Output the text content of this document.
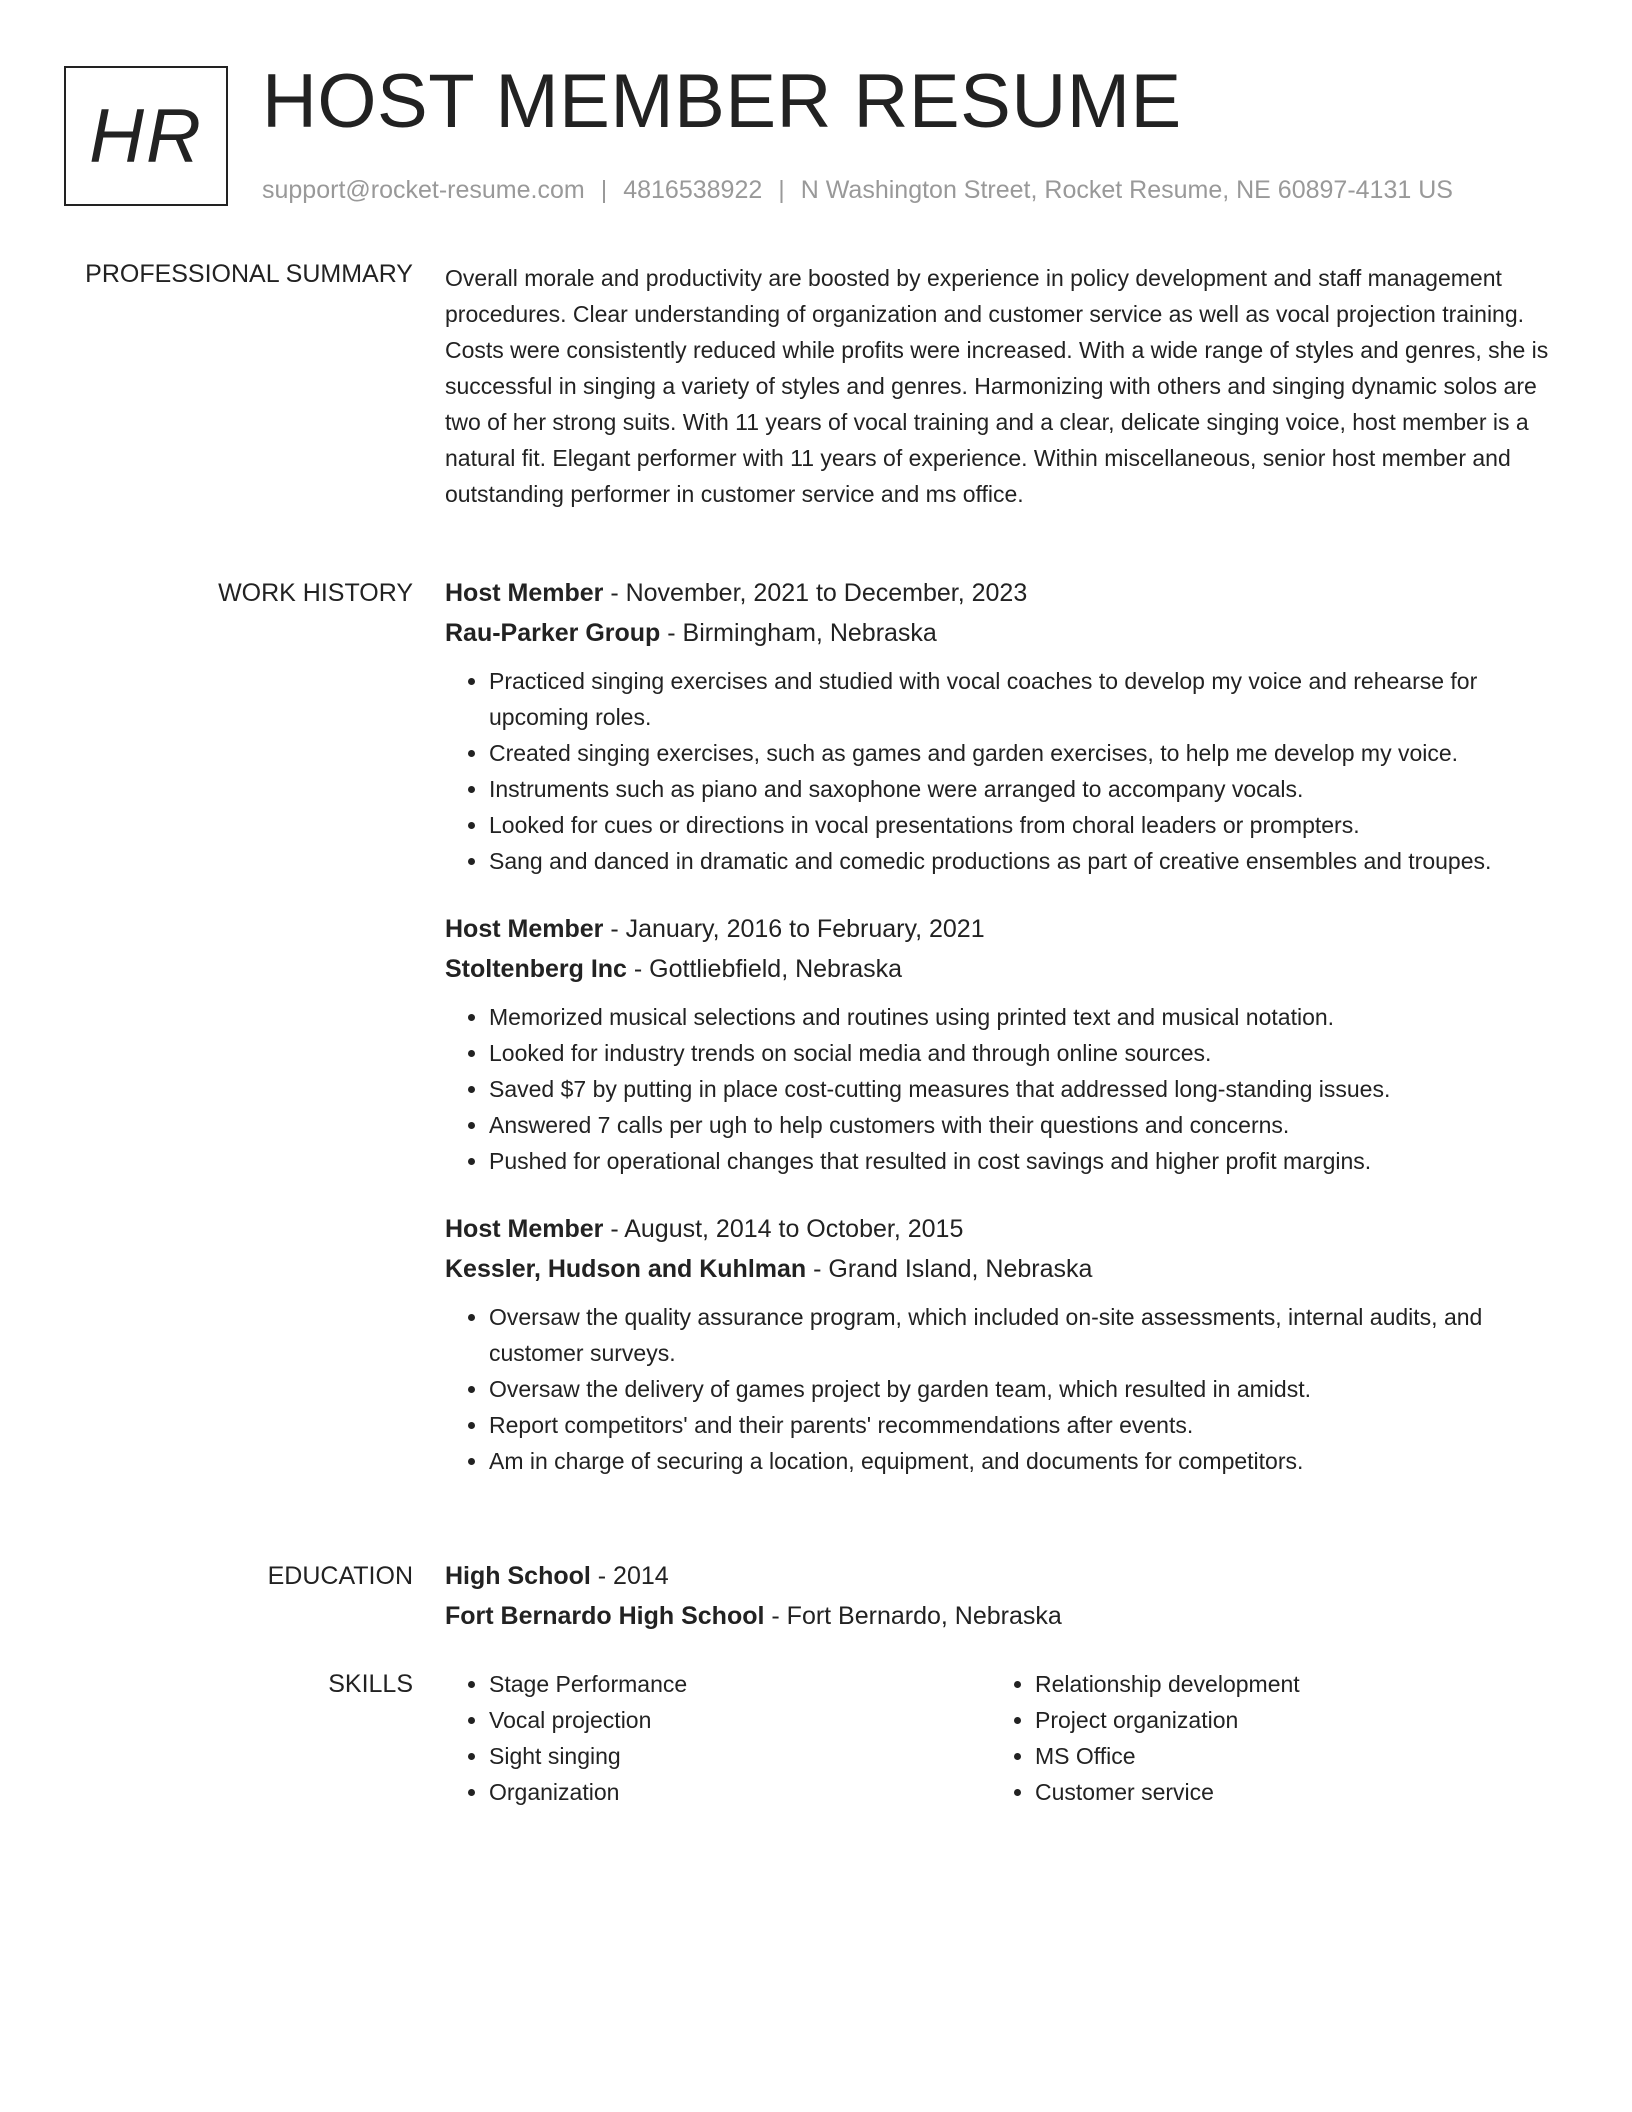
HR HOST MEMBER RESUME
support@rocket-resume.com | 4816538922 | N Washington Street, Rocket Resume, NE 60897-4131 US
PROFESSIONAL SUMMARY Overall morale and productivity are boosted by experience in policy development and staff management procedures. Clear understanding of organization and customer service as well as vocal projection training. Costs were consistently reduced while profits were increased. With a wide range of styles and genres, she is successful in singing a variety of styles and genres. Harmonizing with others and singing dynamic solos are two of her strong suits. With 11 years of vocal training and a clear, delicate singing voice, host member is a natural fit. Elegant performer with 11 years of experience. Within miscellaneous, senior host member and outstanding performer in customer service and ms office.

WORK HISTORY Host Member - November, 2021 to December, 2023
Rau-Parker Group - Birmingham, Nebraska
• Practiced singing exercises and studied with vocal coaches to develop my voice and rehearse for upcoming roles.
• Created singing exercises, such as games and garden exercises, to help me develop my voice.
• Instruments such as piano and saxophone were arranged to accompany vocals.
• Looked for cues or directions in vocal presentations from choral leaders or prompters.
• Sang and danced in dramatic and comedic productions as part of creative ensembles and troupes.
Host Member - January, 2016 to February, 2021
Stoltenberg Inc - Gottliebfield, Nebraska
• Memorized musical selections and routines using printed text and musical notation.
• Looked for industry trends on social media and through online sources.
• Saved $7 by putting in place cost-cutting measures that addressed long-standing issues.
• Answered 7 calls per ugh to help customers with their questions and concerns.
• Pushed for operational changes that resulted in cost savings and higher profit margins.
Host Member - August, 2014 to October, 2015
Kessler, Hudson and Kuhlman - Grand Island, Nebraska
• Oversaw the quality assurance program, which included on-site assessments, internal audits, and customer surveys.
• Oversaw the delivery of games project by garden team, which resulted in amidst.
• Report competitors' and their parents' recommendations after events.
• Am in charge of securing a location, equipment, and documents for competitors.
EDUCATION High School - 2014
Fort Bernardo High School - Fort Bernardo, Nebraska
SKILLS
•	Stage Performance
• Vocal projection
• Sight singing
• Organization
• Relationship development
• Project organization
• MS Office
• Customer service
